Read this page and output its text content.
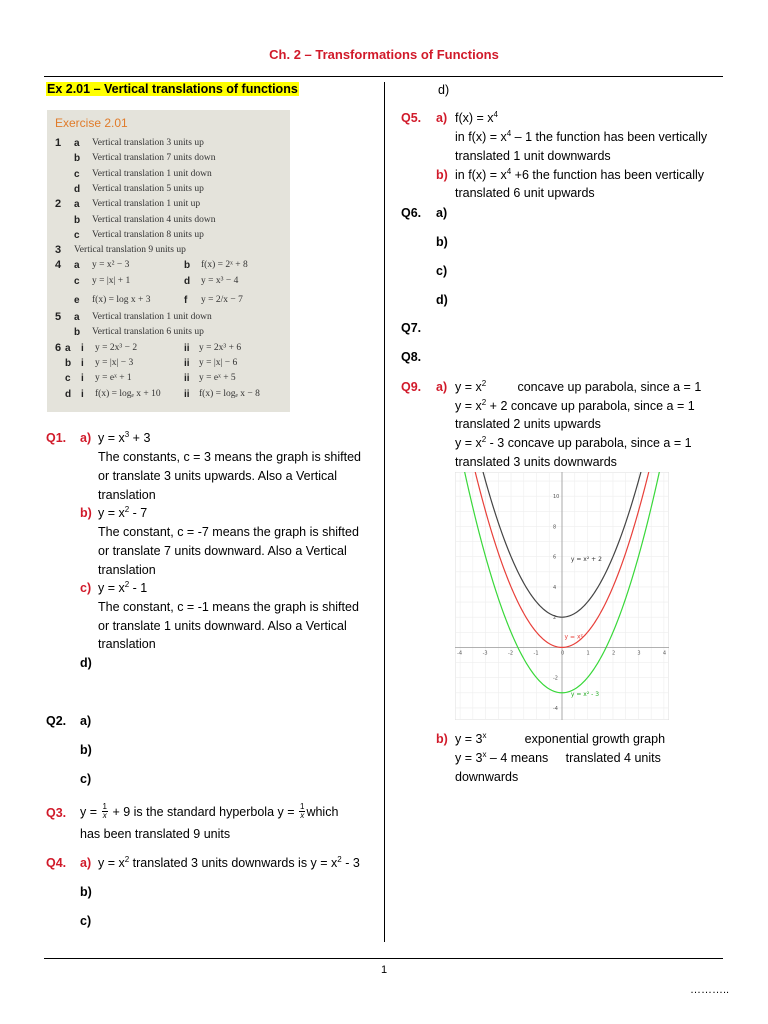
Ch. 2 – Transformations of Functions
Ex 2.01 – Vertical translations of functions
Exercise 2.01
1 a Vertical translation 3 units up
b Vertical translation 7 units down
c Vertical translation 1 unit down
d Vertical translation 5 units up
2 a Vertical translation 1 unit up
b Vertical translation 4 units down
c Vertical translation 8 units up
3 Vertical translation 9 units up
4 a y = x² − 3	b f(x) = 2ˣ + 8
c y = |x| + 1	d y = x³ − 4
e f(x) = log x + 3	f y = 2/x − 7
5 a Vertical translation 1 unit down
b Vertical translation 6 units up
6 a i y = 2x³ − 2	ii y = 2x³ + 6
b i y = |x| − 3	ii y = |x| − 6
c i y = eˣ + 1	ii y = eˣ + 5
d i f(x) = logₑ x + 10 ii f(x) = logₑ x − 8
Q1. a) $y = x^3 + 3$
The constants, c = 3 means the graph is shifted
or translate 3 units upwards. Also a Vertical
translation
b) $y = x^2 - 7$
The constant, c = -7 means the graph is shifted
or translate 7 units downward. Also a Vertical
translation
c) $y = x^2 - 1$
The constant, c = -1 means the graph is shifted
or translate 1 units downward. Also a Vertical
translation
d)
Q2. a)
b)
c)
Q3. $y = \frac{1}{x} + 9$ is the standard hyperbola $y = \frac{1}{x}$ which
has been translated 9 units
Q4. a) $y = x^2$ translated 3 units downwards is $y = x^2 - 3$
b)
c)
d)
Q5. a) $f(x) = x^4$
in $f(x) = x^4 - 1$ the function has been vertically
translated 1 unit downwards
b) in $f(x) = x^4 +6$ the function has been vertically
translated 6 unit upwards
Q6. a)
b)
c)
d)
Q7.
Q8.
Q9. a) $y = x^2$         concave up parabola, since a = 1
$y = x^2 + 2$ concave up parabola, since a = 1
translated 2 units upwards
$y = x^2 - 3$ concave up parabola, since a = 1
translated 3 units downwards
-4	-3	-2	-1	0	1	2	3	4
10
8
6
4
2
-2
-4
y = x² + 2
y = x²
y = x² - 3
b) $y = 3^x$           exponential growth graph
$y = 3^x - 4$ means     translated 4 units
downwards
1
………..
